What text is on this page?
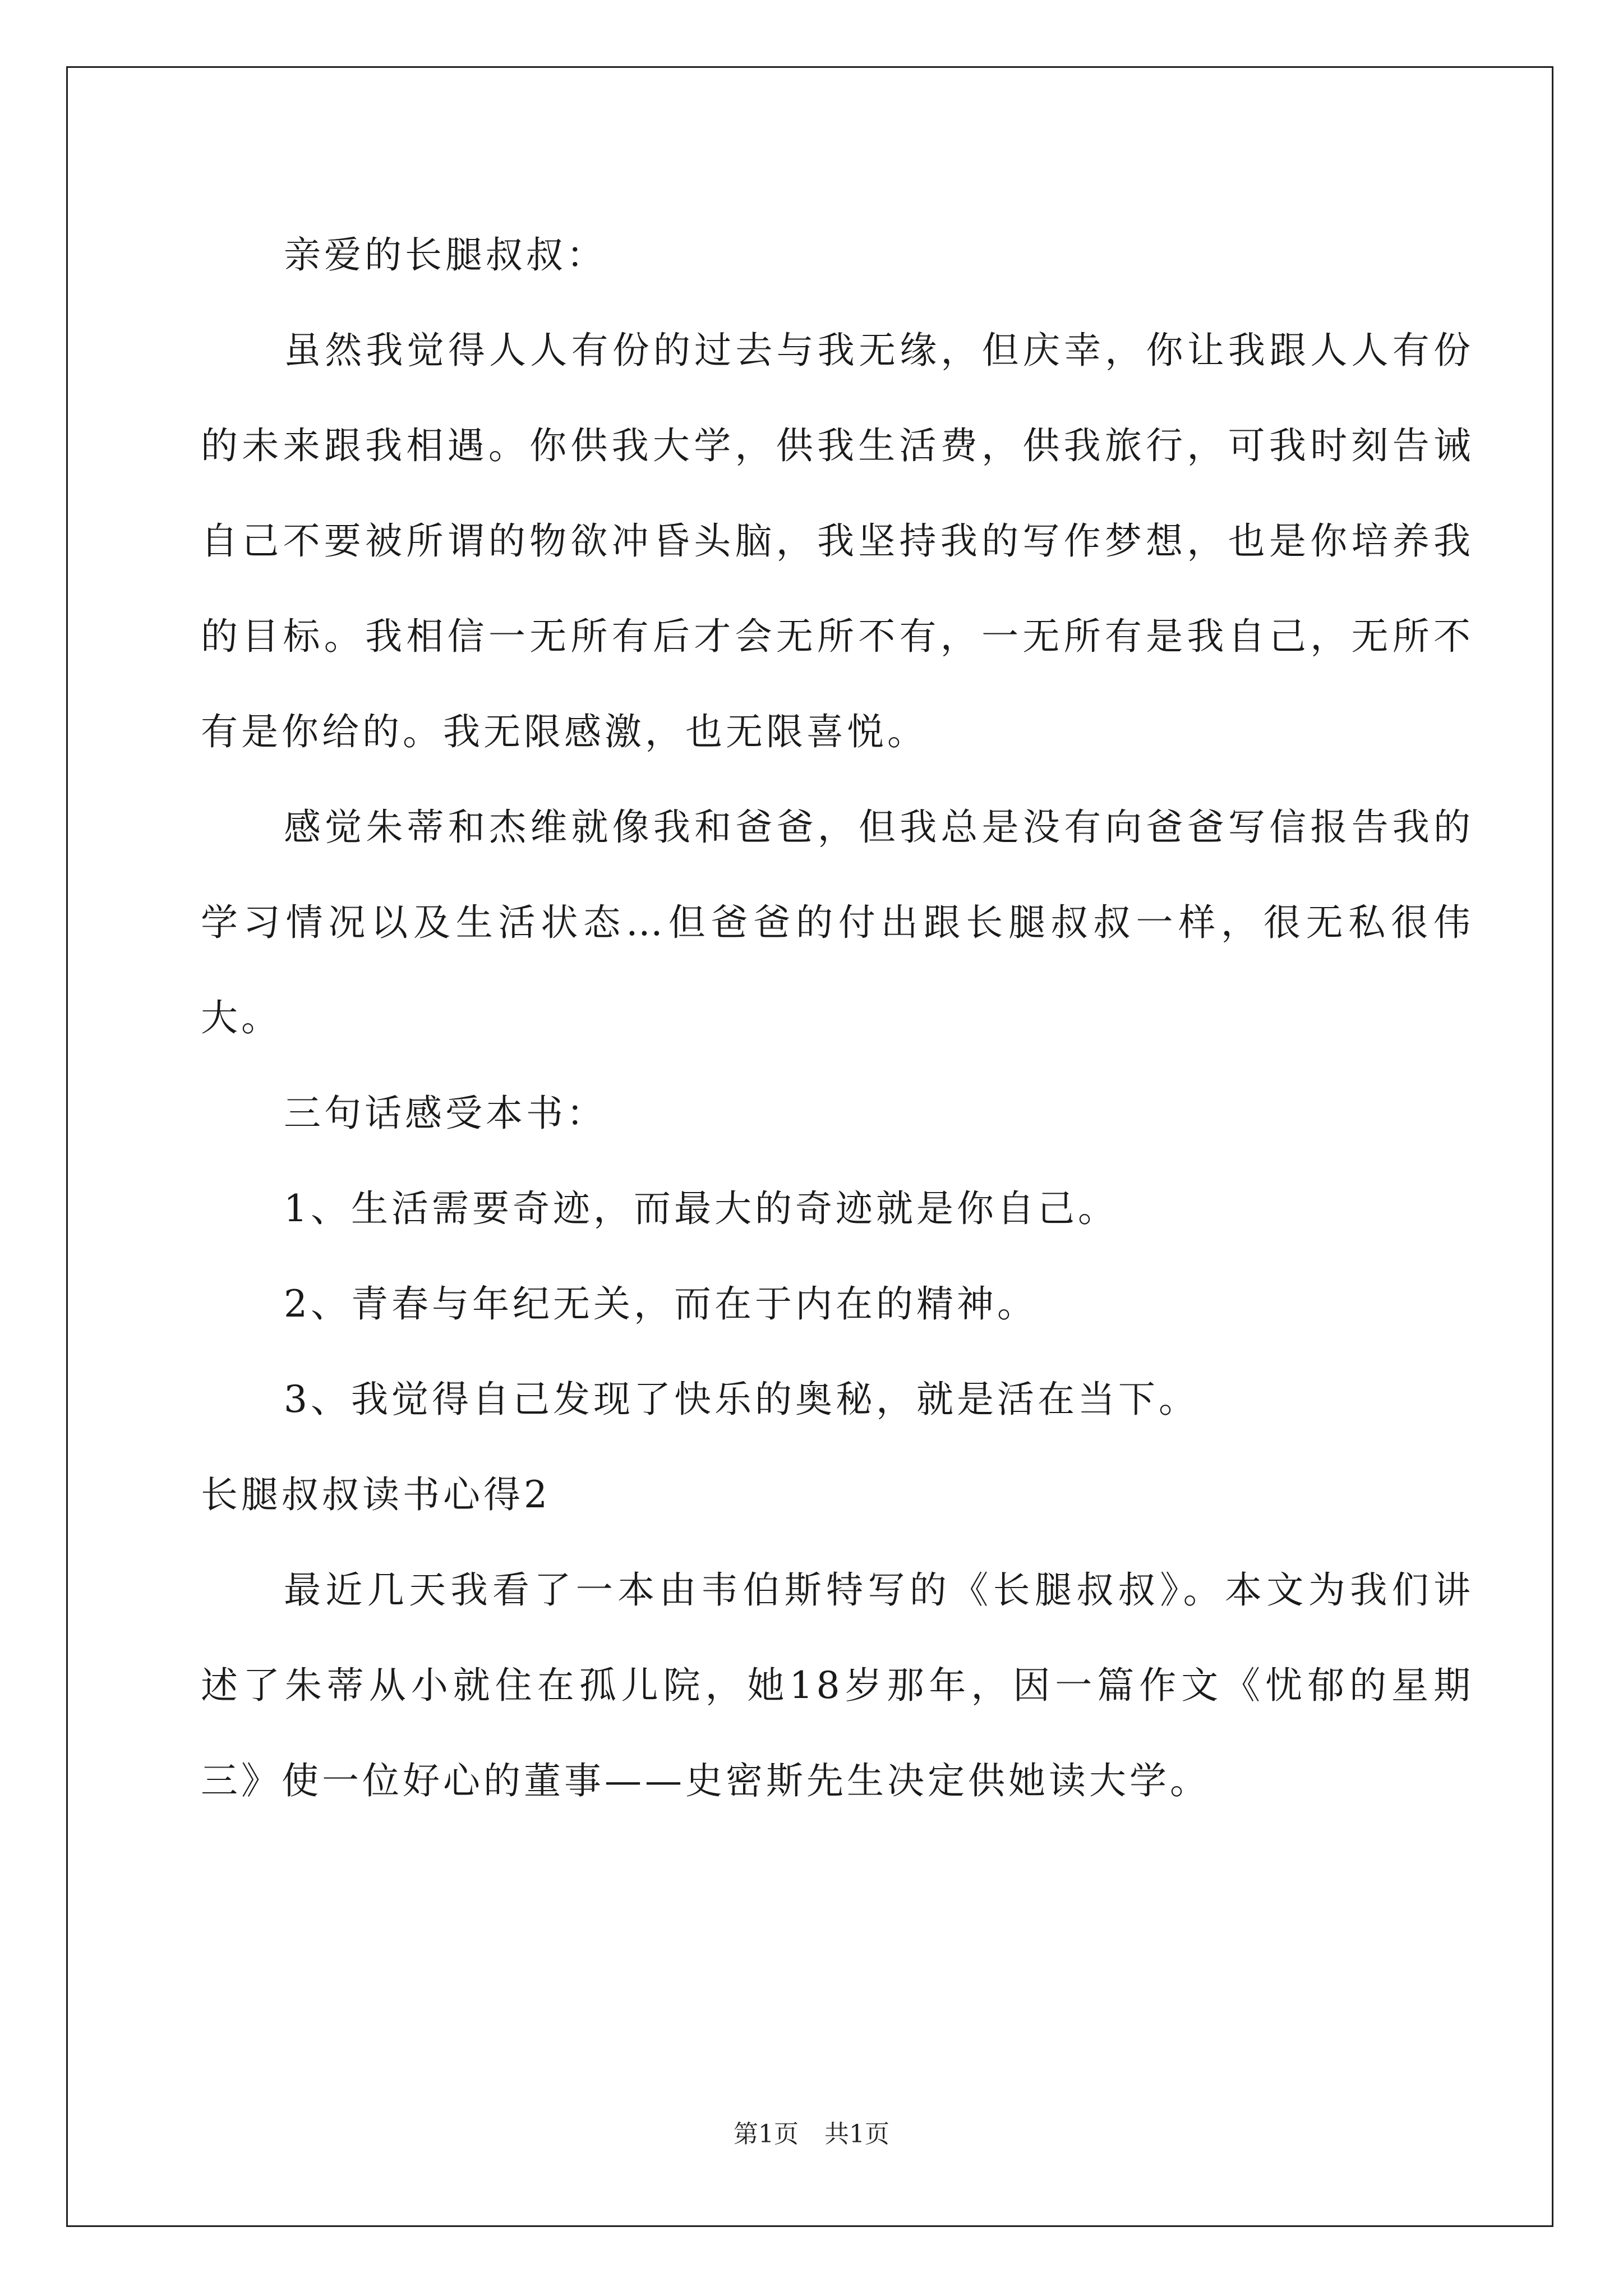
亲爱的长腿叔叔：

虽然我觉得人人有份的过去与我无缘，但庆幸，你让我跟人人有份的未来跟我相遇。你供我大学，供我生活费，供我旅行，可我时刻告诫自己不要被所谓的物欲冲昏头脑，我坚持我的写作梦想，也是你培养我的目标。我相信一无所有后才会无所不有，一无所有是我自己，无所不有是你给的。我无限感激，也无限喜悦。

感觉朱蒂和杰维就像我和爸爸，但我总是没有向爸爸写信报告我的学习情况以及生活状态…但爸爸的付出跟长腿叔叔一样，很无私很伟大。

三句话感受本书：

1、生活需要奇迹，而最大的奇迹就是你自己。

2、青春与年纪无关，而在于内在的精神。

3、我觉得自己发现了快乐的奥秘，就是活在当下。

长腿叔叔读书心得2

最近几天我看了一本由韦伯斯特写的《长腿叔叔》。本文为我们讲述了朱蒂从小就住在孤儿院，她18岁那年，因一篇作文《忧郁的星期三》使一位好心的董事——史密斯先生决定供她读大学。

第1页 共1页
